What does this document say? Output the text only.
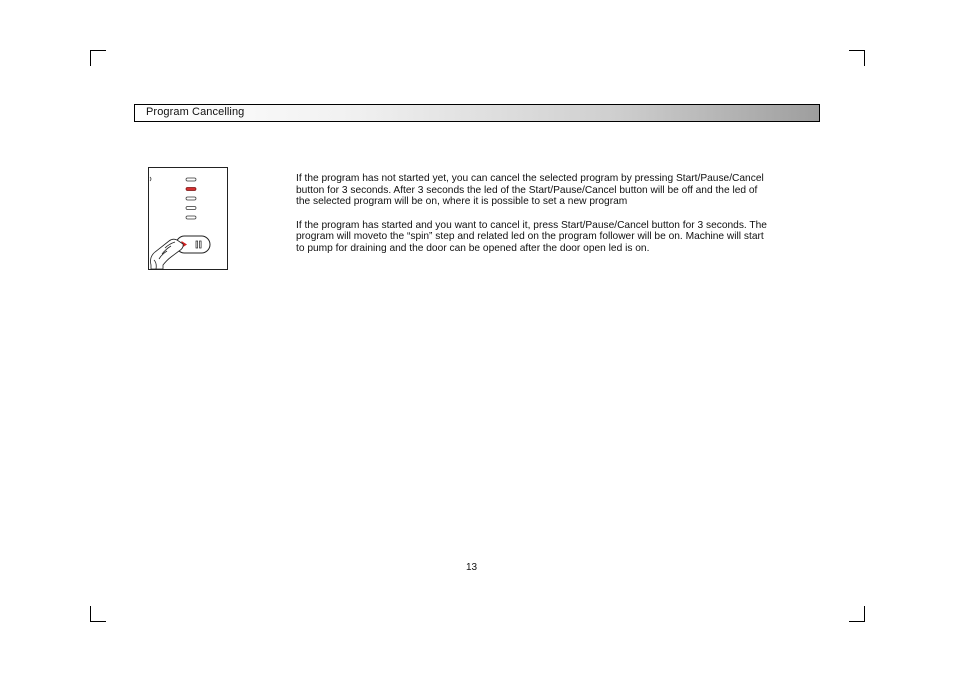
Program Cancelling

If the program has not started yet, you can cancel the selected program by pressing Start/Pause/Cancel button for 3 seconds. After 3 seconds the led of the Start/Pause/Cancel button will be off and the led of the selected program will be on, where it is possible to set a new program

If the program has started and you want to cancel it, press Start/Pause/Cancel button for 3 seconds. The program will moveto the “spin” step and related led on the program follower will be on. Machine will start to pump for draining and the door can be opened after the door open led is on.

13
